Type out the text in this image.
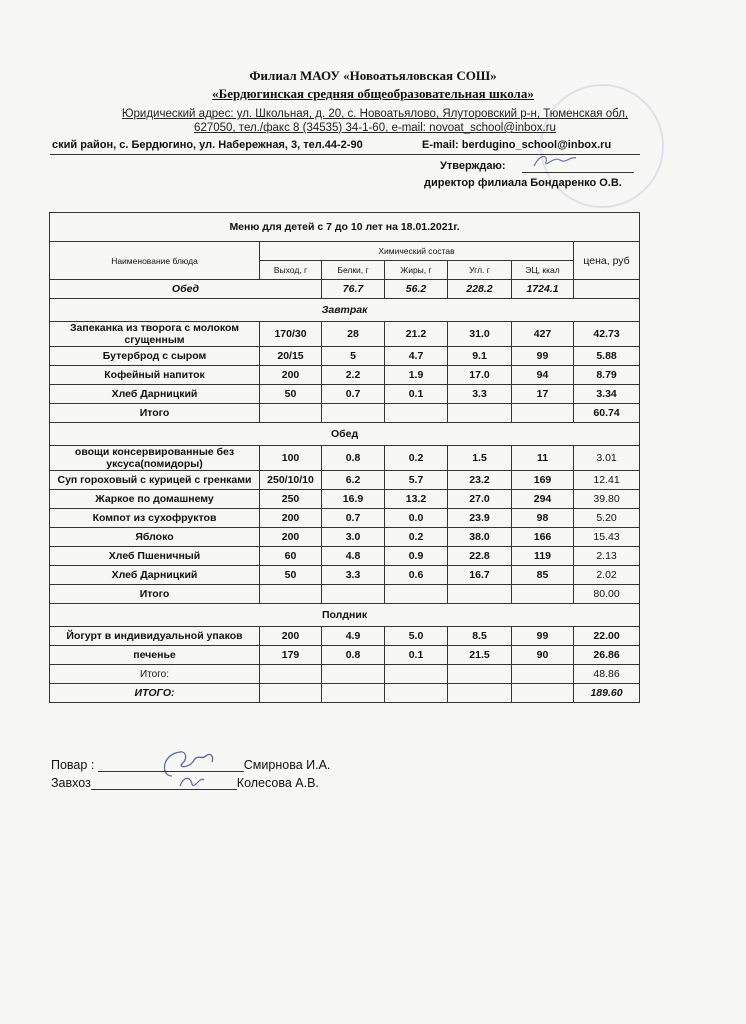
Филиал МАОУ «Новоатьяловская СОШ»
«Бердюгинская средняя общеобразовательная школа»
Юридический адрес: ул. Школьная, д. 20, с. Новоатьялово, Ялуторовский р-н, Тюменская обл,
627050, тел./факс 8 (34535) 34-1-60, e-mail: novoat_school@inbox.ru
ский район, с. Бердюгино, ул. Набережная, 3, тел.44-2-90	E-mail: berdugino_school@inbox.ru
Утверждаю:
директор филиала Бондаренко О.В.
Меню для детей с 7 до 10 лет на 18.01.2021г.						
Наименование блюда	Химический состав					цена, руб
	Выход, г	Белки, г	Жиры, г	Угл. г	ЭЦ, ккал	
Обед		76.7	56.2	228.2	1724.1	
Завтрак						
Запеканка из творога с молоком сгущенным	170/30	28	21.2	31.0	427	42.73
Бутерброд с сыром	20/15	5	4.7	9.1	99	5.88
Кофейный напиток	200	2.2	1.9	17.0	94	8.79
Хлеб Дарницкий	50	0.7	0.1	3.3	17	3.34
Итого						60.74
Обед						
овощи консервированные без уксуса(помидоры)	100	0.8	0.2	1.5	11	3.01
Суп гороховый с курицей с гренками	250/10/10	6.2	5.7	23.2	169	12.41
Жаркое по домашнему	250	16.9	13.2	27.0	294	39.80
Компот из сухофруктов	200	0.7	0.0	23.9	98	5.20
Яблоко	200	3.0	0.2	38.0	166	15.43
Хлеб Пшеничный	60	4.8	0.9	22.8	119	2.13
Хлеб Дарницкий	50	3.3	0.6	16.7	85	2.02
Итого						80.00
Полдник						
Йогурт в индивидуальной упаков	200	4.9	5.0	8.5	99	22.00
печенье	179	0.8	0.1	21.5	90	26.86
Итого:						48.86
ИТОГО:						189.60
Повар :	Смирнова И.А.
Завхоз	Колесова А.В.
